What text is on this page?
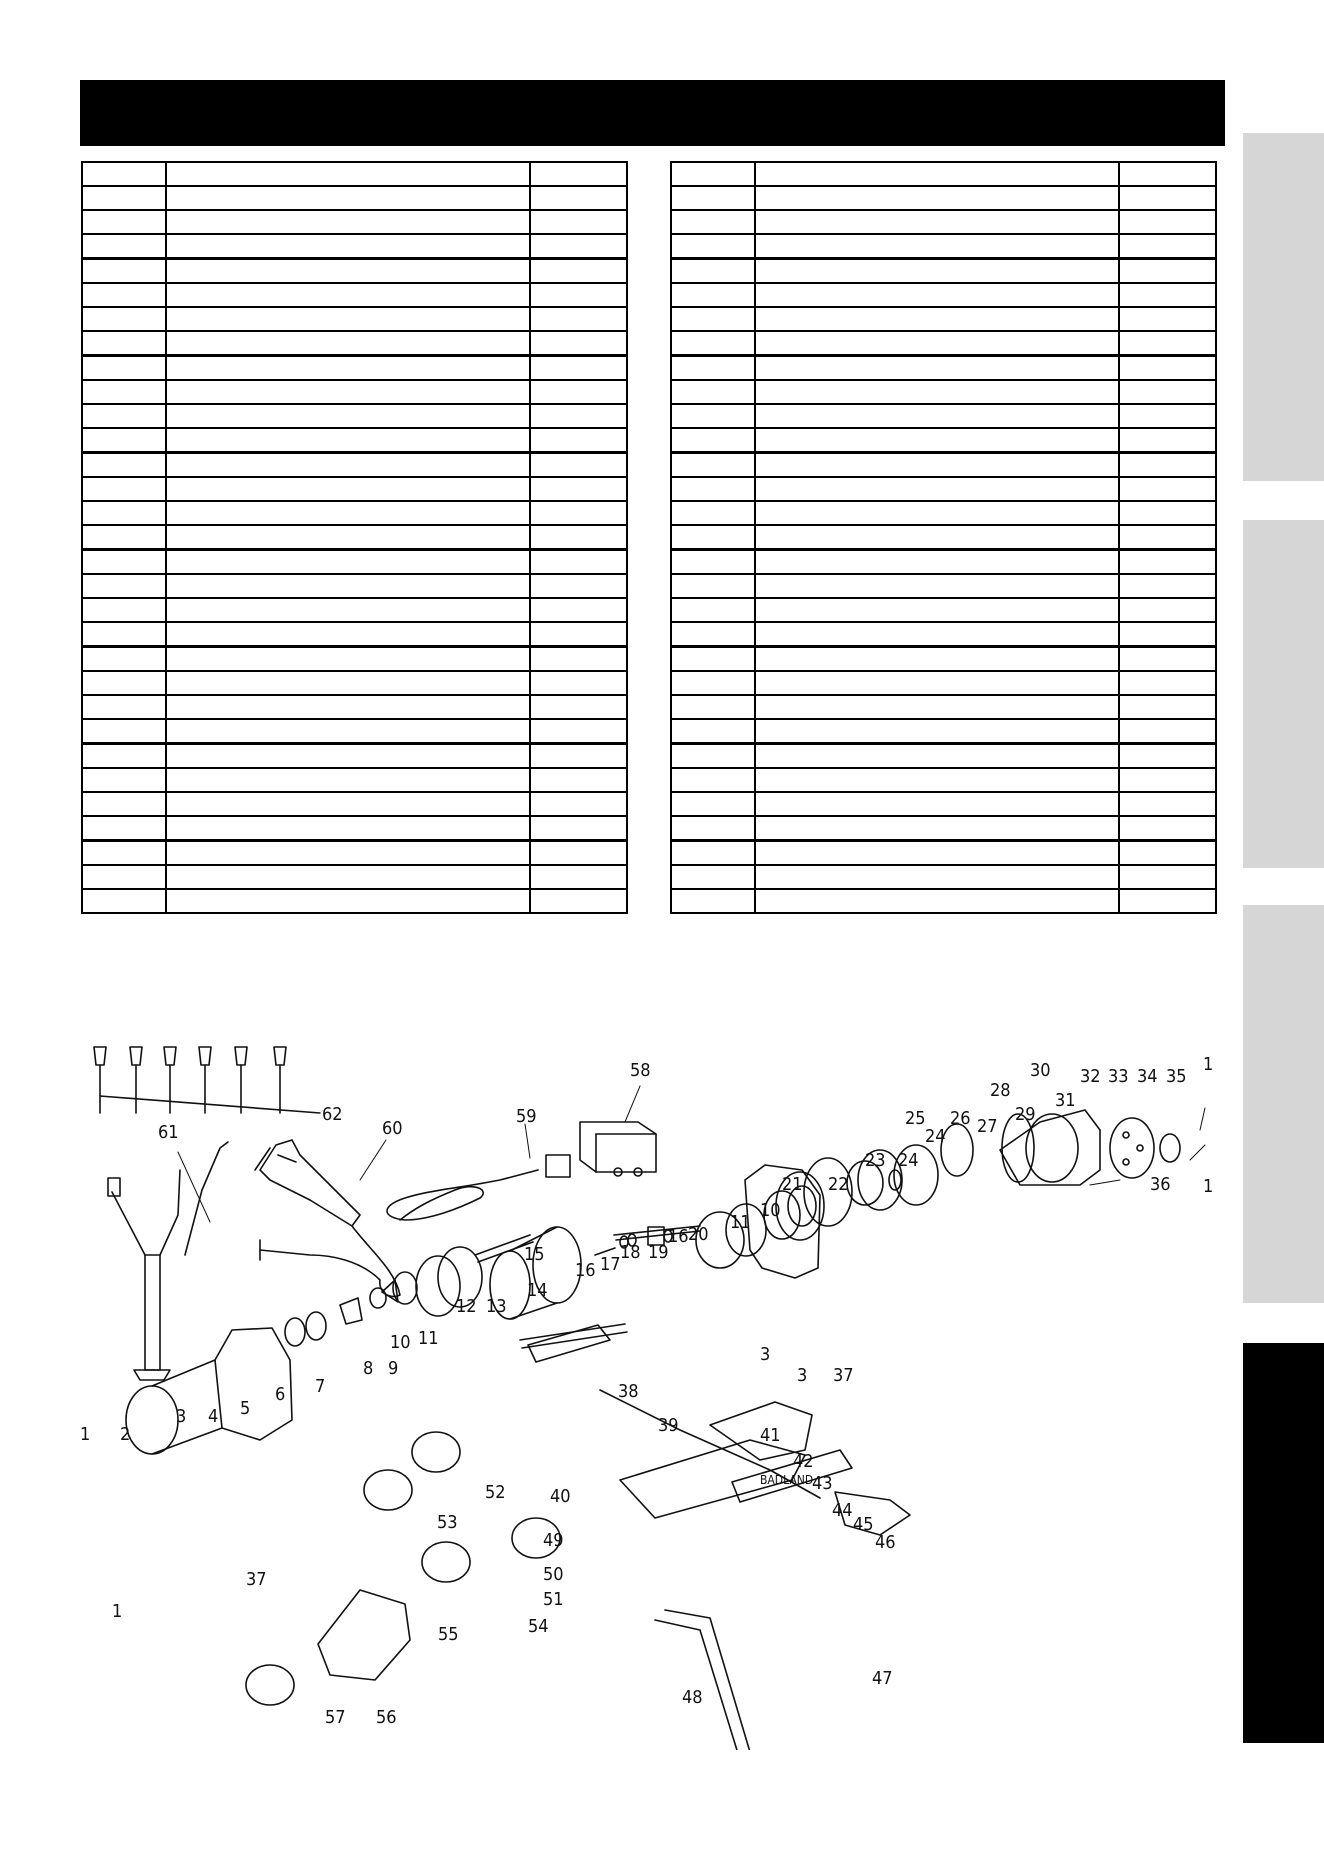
BADLAND
62
61	60
59
58
28
30
31
32 33 34 35
1
1
36
25 26 27
29
23
24
24
21 22
11
10
20
16
19
18
17
16
15
14
3
3 37
12 13
10 11
8 9
7
6
5
4
3
2
1
1
37
38
39
40
41
42
43
44
45
46
49
50
51
52
53
54
55
56
57
48
47
